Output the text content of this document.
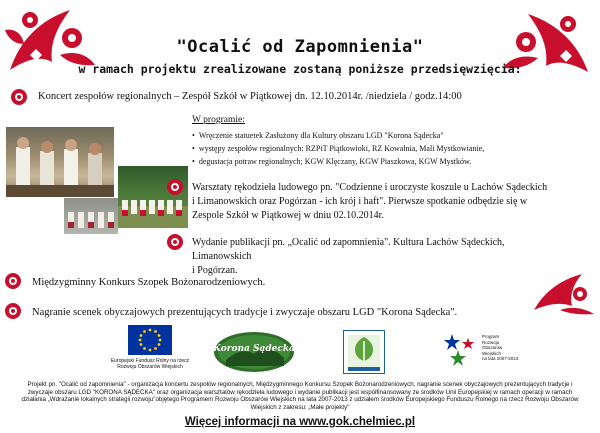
"Ocalić od Zapomnienia"
w ramach projektu zrealizowane zostaną poniższe przedsięwzięcia:
Koncert zespołów regionalnych – Zespół Szkół w Piątkowej dn. 12.10.2014r. /niedziela / godz.14:00
W programie:
•  Wręczenie statuetek Zasłużony dla Kultury obszaru LGD "Korona Sądecka"
•  występy zespołów regionalnych: RZPiT Piątkowioki, RZ Kowalnia, Mali Mystkowianie,
•  degustacja potraw regionalnych; KGW Klęczany, KGW Piaszkowa, KGW Mystków.
Warsztaty rękodzieła ludowego pn. "Codzienne i uroczyste koszule u Lachów Sądeckich
i Limanowskich oraz Pogórzan - ich krój i haft". Pierwsze spotkanie odbędzie się w
Zespole Szkół w Piątkowej w dniu 02.10.2014r.
Wydanie publikacji pn. „Ocalić od zapomnienia". Kultura Lachów Sądeckich, Limanowskich
i Pogórzan.
Międzygminny Konkurs Szopek Bożonarodzeniowych.
Nagranie scenek obyczajowych prezentujących tradycje i zwyczaje obszaru LGD "Korona Sądecka".
Europejski Fundusz Rolny na rzecz
Rozwoju Obszarów Wiejskich
Korona Sądecka
Program
Rozwoju
Obszarów
Wiejskich
na lata 2007-2013
Projekt pn. "Ocalić od zapomnienia" - organizacja koncertu zespołów regionalnych, Międzygminnego Konkursu Szopek Bożonarodzeniowych, nagranie scenek obyczajowych prezentujących tradycje i
zwyczaje obszaru LGD "KORONA SĄDECKA" oraz organizacja warsztatów rękodzieła ludowego i wydanie publikacji jest współfinansowany ze środków Unii Europejskiej w ramach operacji w ramach
działania „Wdrażanie lokalnych strategii rozwoju"objętego Programem Rozwoju Obszarów Wiejskich na lata 2007-2013 z udziałem środków Europejskiego Funduszu Rolnego na rzecz Rozwoju Obszarów
Wiejskich z zakresu: „Małe projekty"
Więcej informacji na www.gok.chelmiec.pl
